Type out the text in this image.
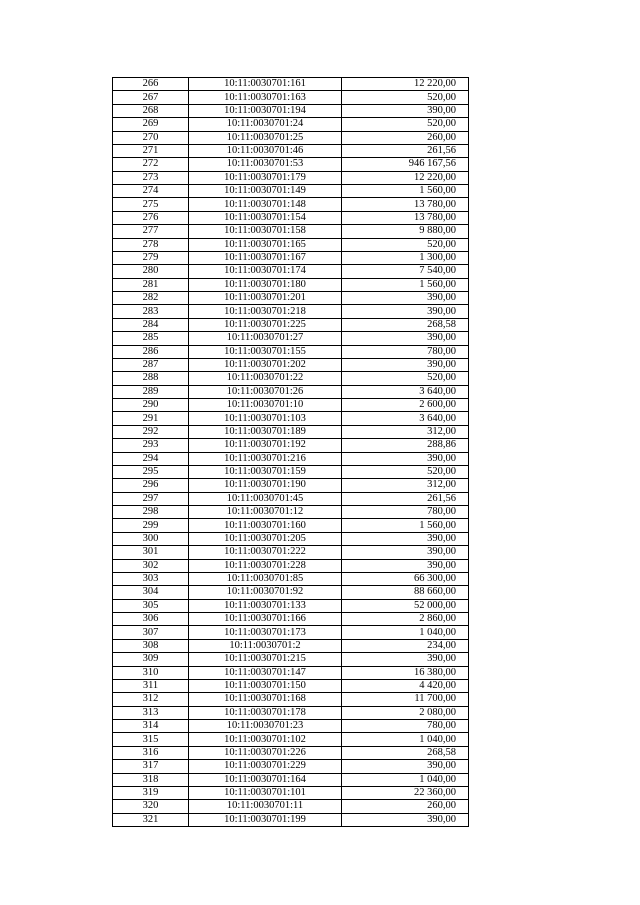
266	10:11:0030701:161	12 220,00
267	10:11:0030701:163	520,00
268	10:11:0030701:194	390,00
269	10:11:0030701:24	520,00
270	10:11:0030701:25	260,00
271	10:11:0030701:46	261,56
272	10:11:0030701:53	946 167,56
273	10:11:0030701:179	12 220,00
274	10:11:0030701:149	1 560,00
275	10:11:0030701:148	13 780,00
276	10:11:0030701:154	13 780,00
277	10:11:0030701:158	9 880,00
278	10:11:0030701:165	520,00
279	10:11:0030701:167	1 300,00
280	10:11:0030701:174	7 540,00
281	10:11:0030701:180	1 560,00
282	10:11:0030701:201	390,00
283	10:11:0030701:218	390,00
284	10:11:0030701:225	268,58
285	10:11:0030701:27	390,00
286	10:11:0030701:155	780,00
287	10:11:0030701:202	390,00
288	10:11:0030701:22	520,00
289	10:11:0030701:26	3 640,00
290	10:11:0030701:10	2 600,00
291	10:11:0030701:103	3 640,00
292	10:11:0030701:189	312,00
293	10:11:0030701:192	288,86
294	10:11:0030701:216	390,00
295	10:11:0030701:159	520,00
296	10:11:0030701:190	312,00
297	10:11:0030701:45	261,56
298	10:11:0030701:12	780,00
299	10:11:0030701:160	1 560,00
300	10:11:0030701:205	390,00
301	10:11:0030701:222	390,00
302	10:11:0030701:228	390,00
303	10:11:0030701:85	66 300,00
304	10:11:0030701:92	88 660,00
305	10:11:0030701:133	52 000,00
306	10:11:0030701:166	2 860,00
307	10:11:0030701:173	1 040,00
308	10:11:0030701:2	234,00
309	10:11:0030701:215	390,00
310	10:11:0030701:147	16 380,00
311	10:11:0030701:150	4 420,00
312	10:11:0030701:168	11 700,00
313	10:11:0030701:178	2 080,00
314	10:11:0030701:23	780,00
315	10:11:0030701:102	1 040,00
316	10:11:0030701:226	268,58
317	10:11:0030701:229	390,00
318	10:11:0030701:164	1 040,00
319	10:11:0030701:101	22 360,00
320	10:11:0030701:11	260,00
321	10:11:0030701:199	390,00
